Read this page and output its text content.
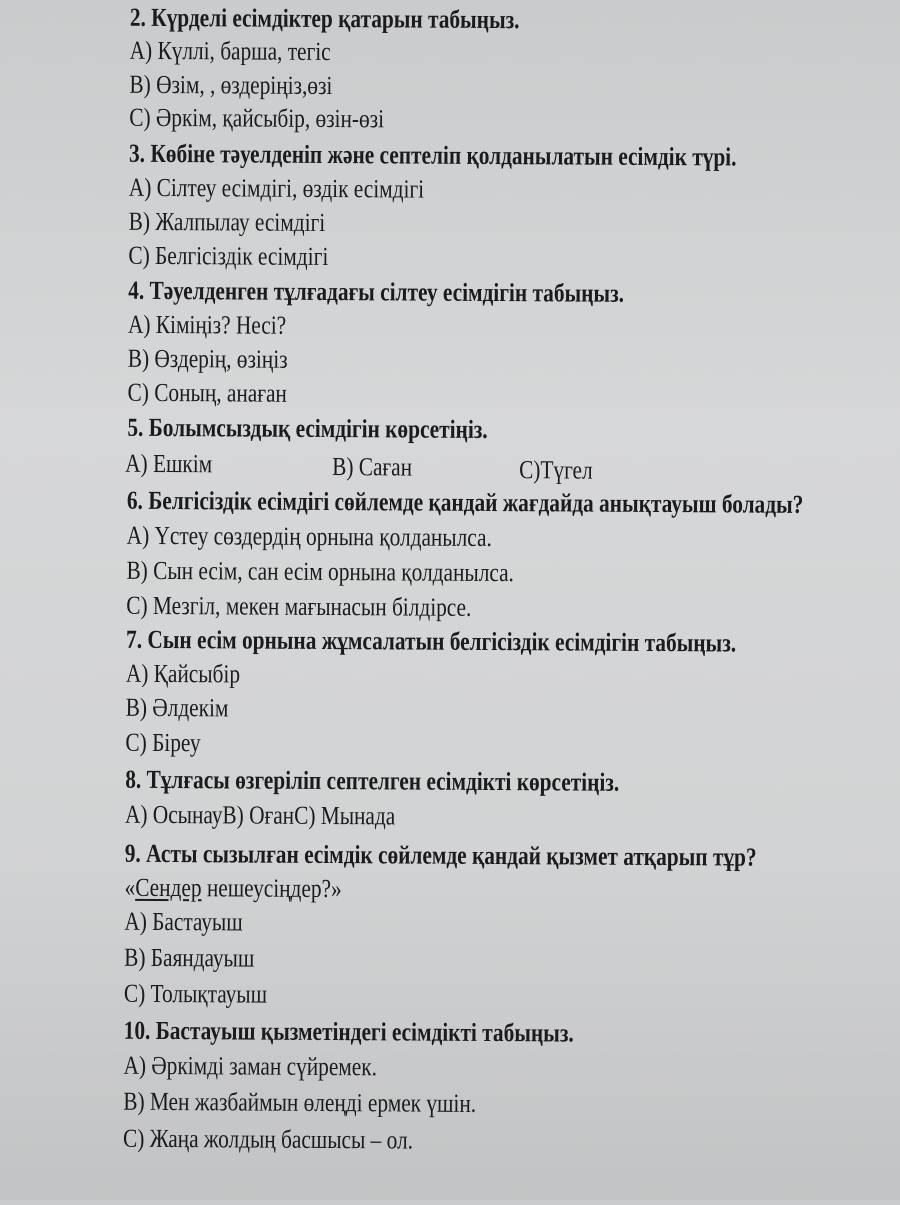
2. Күрделі есімдіктер қатарын табыңыз.
A) Күллі, барша, тегіс
B) Өзім, , өздеріңіз,өзі
C) Әркім, қайсыбір, өзін-өзі
3. Көбіне тәуелденіп және септеліп қолданылатын есімдік түрі.
A) Сілтеу есімдігі, өздік есімдігі
B) Жалпылау есімдігі
C) Белгісіздік есімдігі
4. Тәуелденген тұлғадағы сілтеу есімдігін табыңыз.
A) Кіміңіз? Несі?
B) Өздерің, өзіңіз
C) Соның, анаған
5. Болымсыздық есімдігін көрсетіңіз.
A) Ешкім	B) Саған	C)Түгел
6. Белгісіздік есімдігі сөйлемде қандай жағдайда анықтауыш болады?
A) Үстеу сөздердің орнына қолданылса.
B) Сын есім, сан есім орнына қолданылса.
C) Мезгіл, мекен мағынасын білдірсе.
7. Сын есім орнына жұмсалатын белгісіздік есімдігін табыңыз.
A) Қайсыбір
B) Әлдекім
C) Біреу
8. Тұлғасы өзгеріліп септелген есімдікті көрсетіңіз.
A) ОсынауB) ОғанC) Мынада
9. Асты сызылған есімдік сөйлемде қандай қызмет атқарып тұр?
«Сендер нешеусіңдер?»
A) Бастауыш
B) Баяндауыш
C) Толықтауыш
10. Бастауыш қызметіндегі есімдікті табыңыз.
A) Әркімді заман сүйремек.
B) Мен жазбаймын өлеңді ермек үшін.
C) Жаңа жолдың басшысы – ол.
